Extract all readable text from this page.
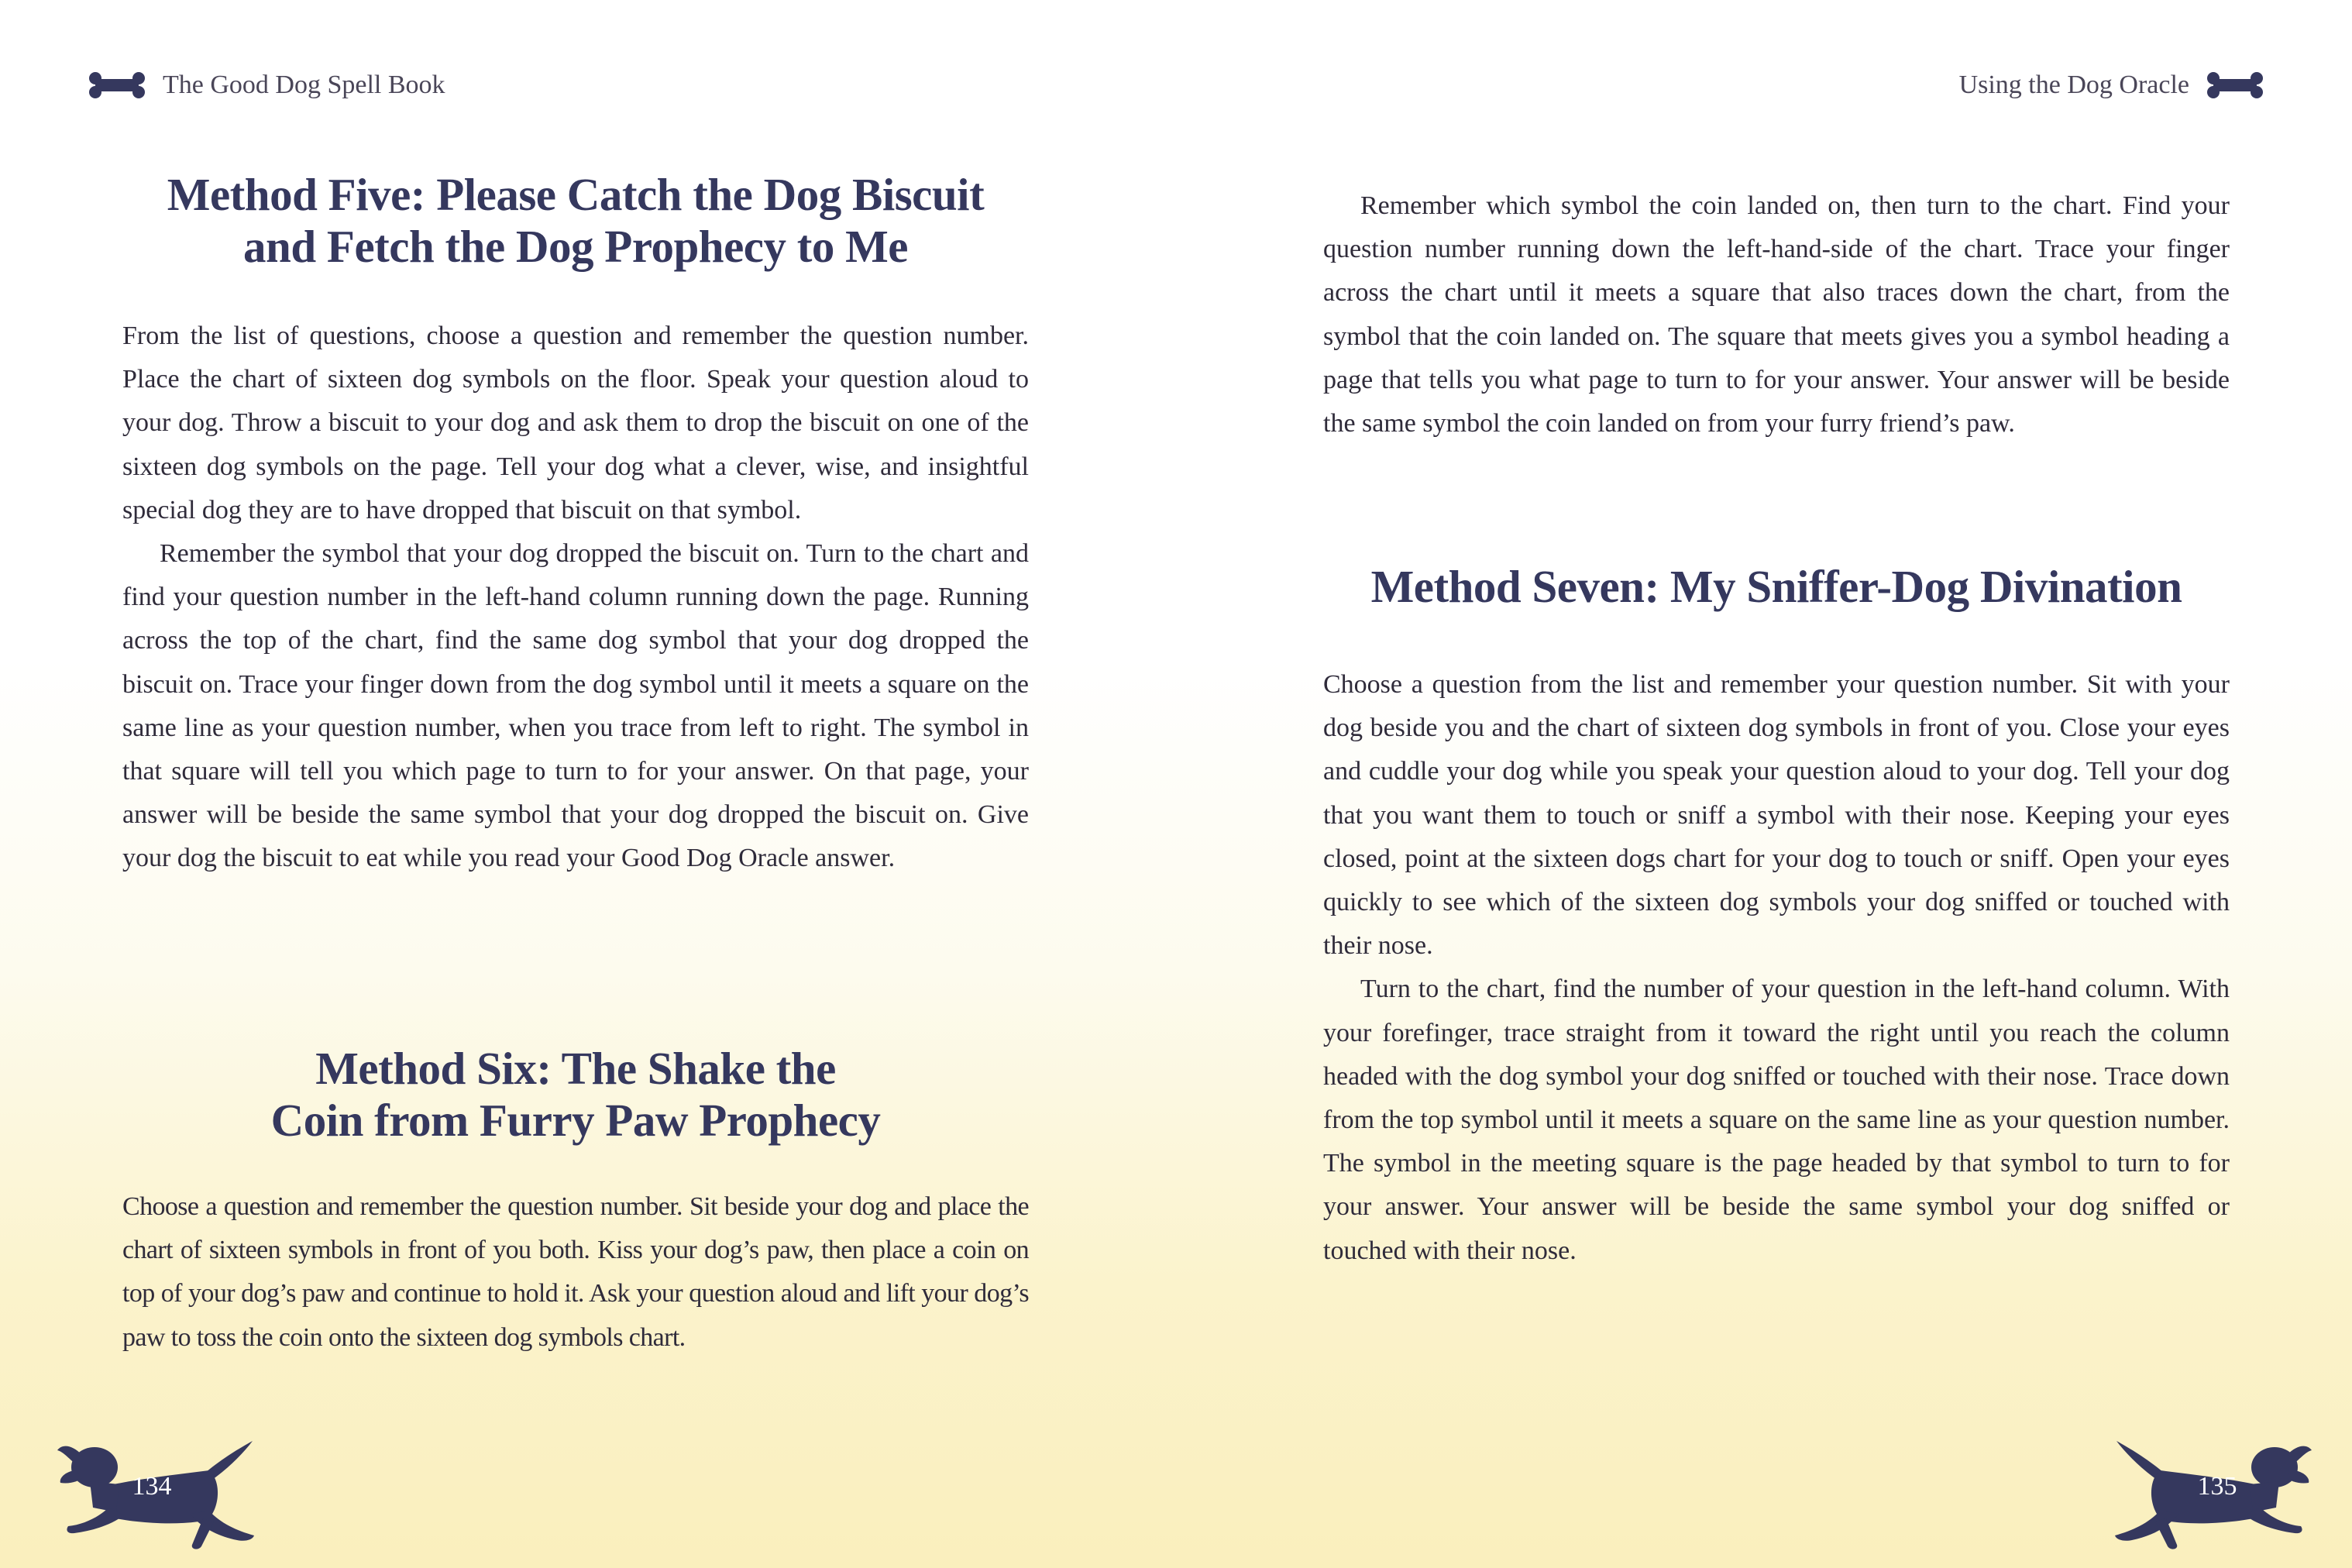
The Good Dog Spell Book
Method Five: Please Catch the Dog Biscuit
and Fetch the Dog Prophecy to Me

From the list of questions, choose a question and remember the question number. Place the chart of sixteen dog symbols on the floor. Speak your question aloud to your dog. Throw a biscuit to your dog and ask them to drop the biscuit on one of the sixteen dog symbols on the page. Tell your dog what a clever, wise, and insightful special dog they are to have dropped that biscuit on that symbol.

Remember the symbol that your dog dropped the biscuit on. Turn to the chart and find your question number in the left-hand column running down the page. Running across the top of the chart, find the same dog symbol that your dog dropped the biscuit on. Trace your finger down from the dog symbol until it meets a square on the same line as your question number, when you trace from left to right. The symbol in that square will tell you which page to turn to for your answer. On that page, your answer will be beside the same symbol that your dog dropped the biscuit on. Give your dog the biscuit to eat while you read your Good Dog Oracle answer.

Method Six: The Shake the
Coin from Furry Paw Prophecy

Choose a question and remember the question number. Sit beside your dog and place the chart of sixteen symbols in front of you both. Kiss your dog’s paw, then place a coin on top of your dog’s paw and continue to hold it. Ask your question aloud and lift your dog’s paw to toss the coin onto the sixteen dog symbols chart.

134
Using the Dog Oracle

Remember which symbol the coin landed on, then turn to the chart. Find your question number running down the left-hand-side of the chart. Trace your finger across the chart until it meets a square that also traces down the chart, from the symbol that the coin landed on. The square that meets gives you a symbol heading a page that tells you what page to turn to for your answer. Your answer will be beside the same symbol the coin landed on from your furry friend’s paw.

Method Seven: My Sniffer-Dog Divination

Choose a question from the list and remember your question number. Sit with your dog beside you and the chart of sixteen dog symbols in front of you. Close your eyes and cuddle your dog while you speak your question aloud to your dog. Tell your dog that you want them to touch or sniff a symbol with their nose. Keeping your eyes closed, point at the sixteen dogs chart for your dog to touch or sniff. Open your eyes quickly to see which of the sixteen dog symbols your dog sniffed or touched with their nose.

Turn to the chart, find the number of your question in the left-hand column. With your forefinger, trace straight from it toward the right until you reach the column headed with the dog symbol your dog sniffed or touched with their nose. Trace down from the top symbol until it meets a square on the same line as your question number. The symbol in the meeting square is the page headed by that symbol to turn to for your answer. Your answer will be beside the same symbol your dog sniffed or touched with their nose.

135
